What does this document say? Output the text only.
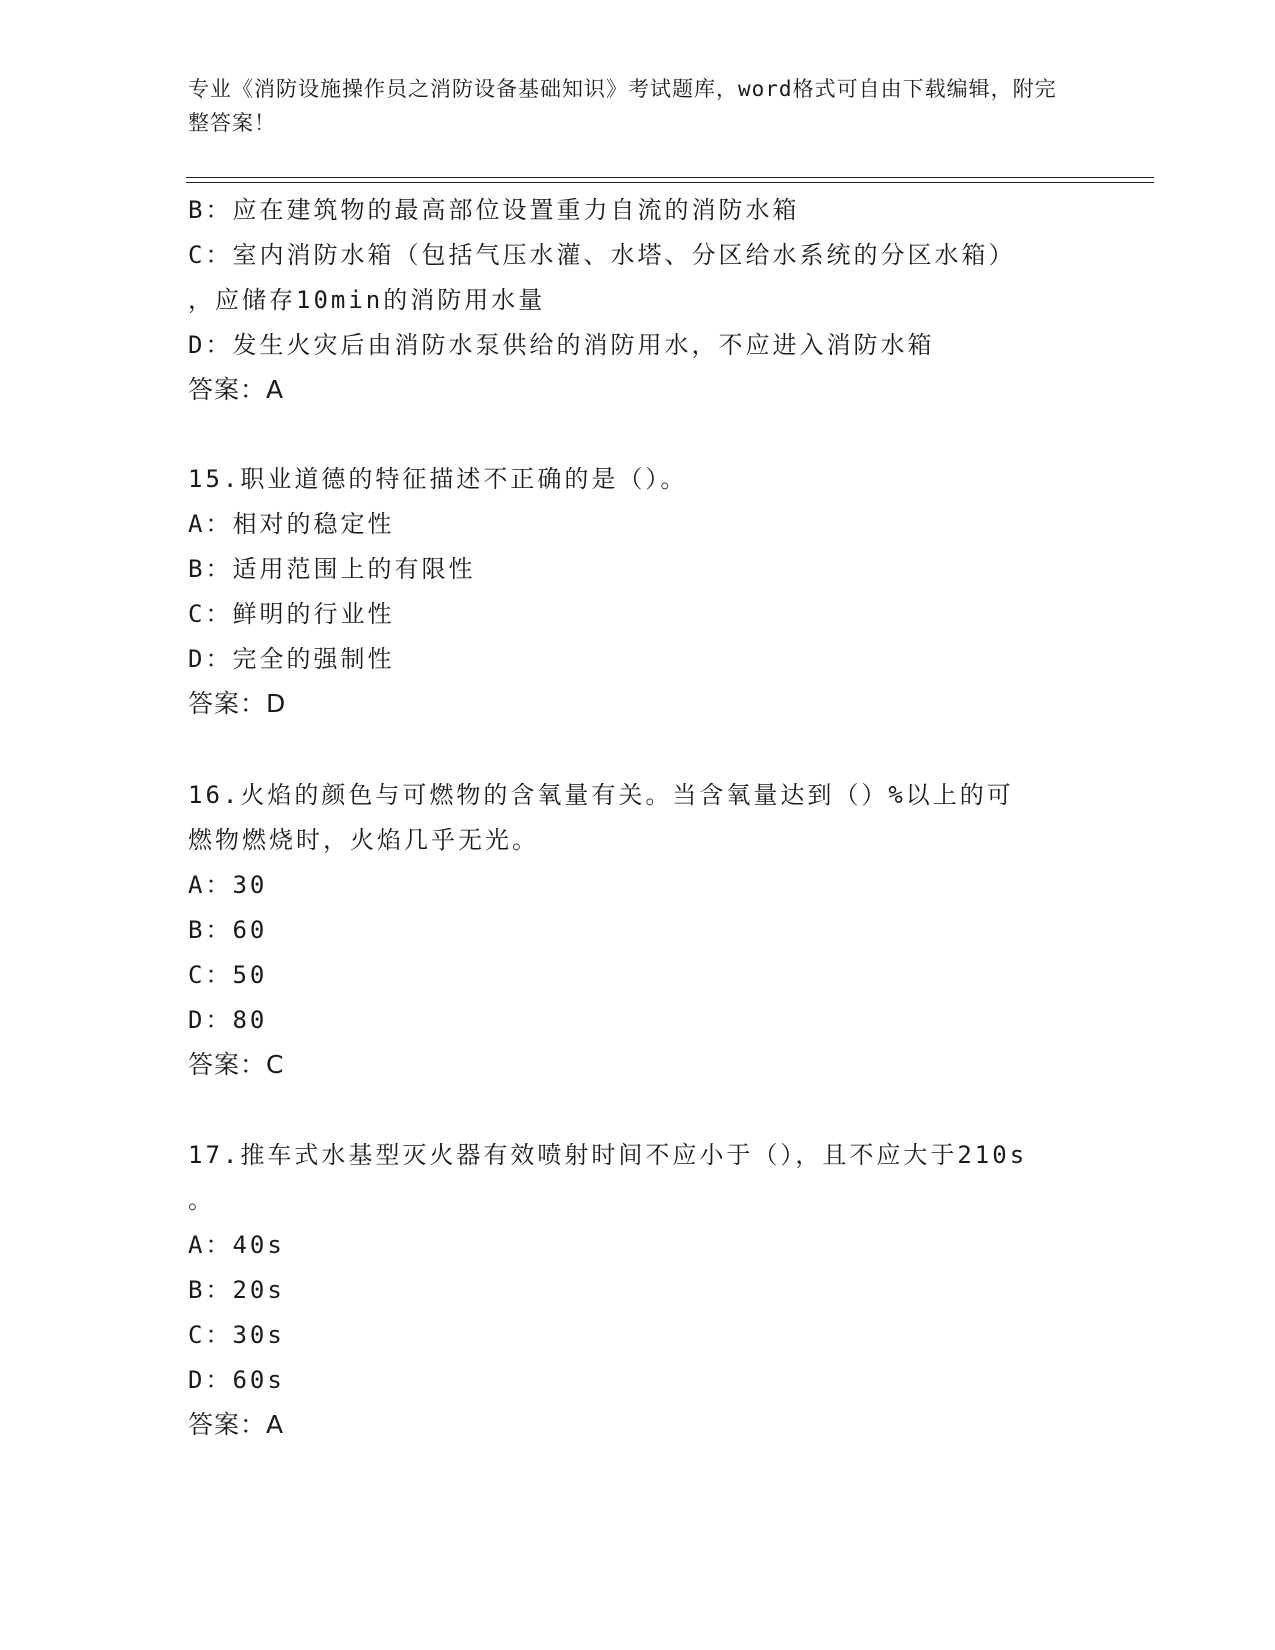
专业《消防设施操作员之消防设备基础知识》考试题库，word格式可自由下载编辑，附完整答案！
B：应在建筑物的最高部位设置重力自流的消防水箱
C：室内消防水箱（包括气压水灌、水塔、分区给水系统的分区水箱）
，应储存10min的消防用水量
D：发生火灾后由消防水泵供给的消防用水，不应进入消防水箱
答案：A
15.职业道德的特征描述不正确的是（）。
A：相对的稳定性
B：适用范围上的有限性
C：鲜明的行业性
D：完全的强制性
答案：D
16.火焰的颜色与可燃物的含氧量有关。当含氧量达到（）%以上的可
燃物燃烧时，火焰几乎无光。
A：30
B：60
C：50
D：80
答案：C
17.推车式水基型灭火器有效喷射时间不应小于（），且不应大于210s
。
A：40s
B：20s
C：30s
D：60s
答案：A
